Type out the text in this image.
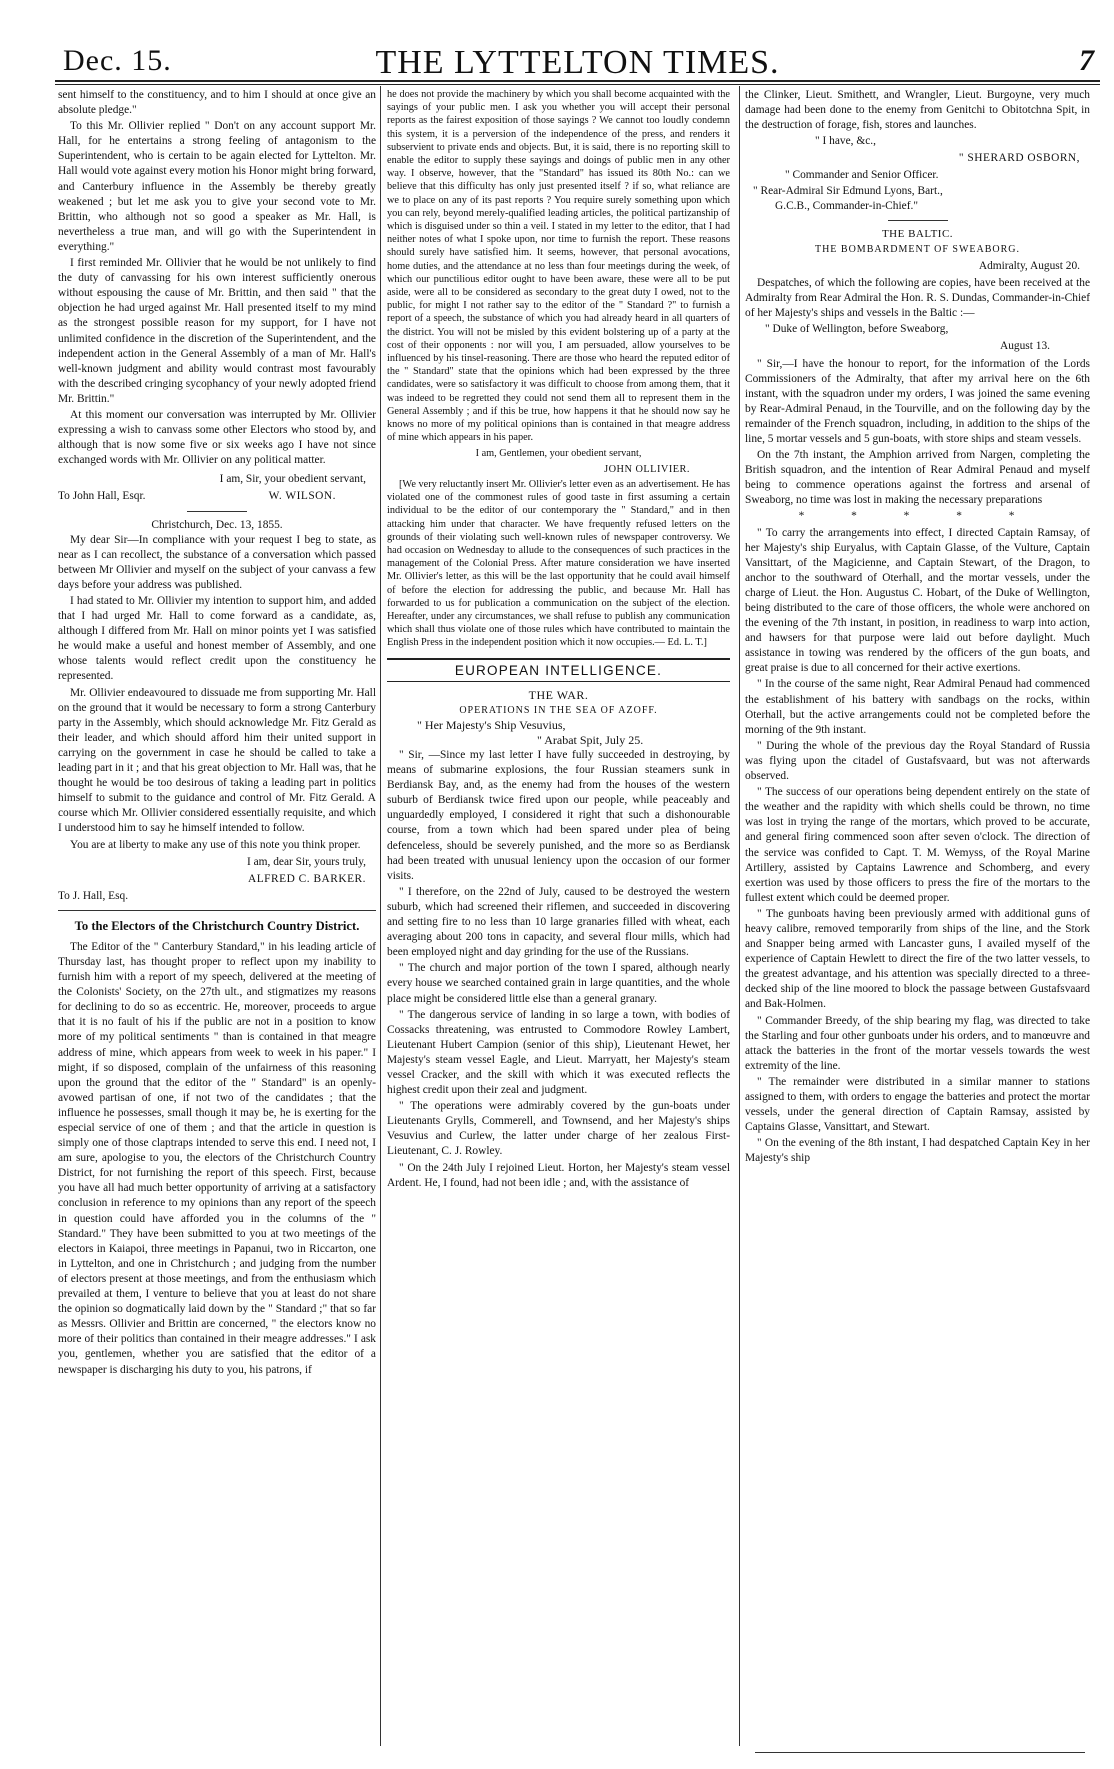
Dec. 15.	THE LYTTELTON TIMES.	7

sent himself to the constituency, and to him I should at once give an absolute pledge."

To this Mr. Ollivier replied " Don't on any account support Mr. Hall, for he entertains a strong feeling of antagonism to the Superintendent, who is certain to be again elected for Lyttelton. Mr. Hall would vote against every motion his Honor might bring forward, and Canterbury influence in the Assembly be thereby greatly weakened ; but let me ask you to give your second vote to Mr. Brittin, who although not so good a speaker as Mr. Hall, is nevertheless a true man, and will go with the Superintendent in everything."

I first reminded Mr. Ollivier that he would be not unlikely to find the duty of canvassing for his own interest sufficiently onerous without espousing the cause of Mr. Brittin, and then said " that the objection he had urged against Mr. Hall presented itself to my mind as the strongest possible reason for my support, for I have not unlimited confidence in the discretion of the Superintendent, and the independent action in the General Assembly of a man of Mr. Hall's well-known judgment and ability would contrast most favourably with the described cringing sycophancy of your newly adopted friend Mr. Brittin."

At this moment our conversation was interrupted by Mr. Ollivier expressing a wish to canvass some other Electors who stood by, and although that is now some five or six weeks ago I have not since exchanged words with Mr. Ollivier on any political matter.

I am, Sir, your obedient servant,
To John Hall, Esqr.	W. WILSON.
Christchurch, Dec. 13, 1855.

My dear Sir—In compliance with your request I beg to state, as near as I can recollect, the substance of a conversation which passed between Mr Ollivier and myself on the subject of your canvass a few days before your address was published.

I had stated to Mr. Ollivier my intention to support him, and added that I had urged Mr. Hall to come forward as a candidate, as, although I differed from Mr. Hall on minor points yet I was satisfied he would make a useful and honest member of Assembly, and one whose talents would reflect credit upon the constituency he represented.

Mr. Ollivier endeavoured to dissuade me from supporting Mr. Hall on the ground that it would be necessary to form a strong Canterbury party in the Assembly, which should acknowledge Mr. Fitz Gerald as their leader, and which should afford him their united support in carrying on the government in case he should be called to take a leading part in it ; and that his great objection to Mr. Hall was, that he thought he would be too desirous of taking a leading part in politics himself to submit to the guidance and control of Mr. Fitz Gerald. A course which Mr. Ollivier considered essentially requisite, and which I understood him to say he himself intended to follow.

You are at liberty to make any use of this note you think proper.

I am, dear Sir, yours truly,
ALFRED C. BARKER.
To J. Hall, Esq.
To the Electors of the Christchurch Country District.

The Editor of the " Canterbury Standard," in his leading article of Thursday last, has thought proper to reflect upon my inability to furnish him with a report of my speech, delivered at the meeting of the Colonists' Society, on the 27th ult., and stigmatizes my reasons for declining to do so as eccentric. He, moreover, proceeds to argue that it is no fault of his if the public are not in a position to know more of my political sentiments " than is contained in that meagre address of mine, which appears from week to week in his paper." I might, if so disposed, complain of the unfairness of this reasoning upon the ground that the editor of the " Standard" is an openly-avowed partisan of one, if not two of the candidates ; that the influence he possesses, small though it may be, he is exerting for the especial service of one of them ; and that the article in question is simply one of those claptraps intended to serve this end. I need not, I am sure, apologise to you, the electors of the Christchurch Country District, for not furnishing the report of this speech. First, because you have all had much better opportunity of arriving at a satisfactory conclusion in reference to my opinions than any report of the speech in question could have afforded you in the columns of the " Standard." They have been submitted to you at two meetings of the electors in Kaiapoi, three meetings in Papanui, two in Riccarton, one in Lyttelton, and one in Christchurch ; and judging from the number of electors present at those meetings, and from the enthusiasm which prevailed at them, I venture to believe that you at least do not share the opinion so dogmatically laid down by the " Standard ;" that so far as Messrs. Ollivier and Brittin are concerned, " the electors know no more of their politics than contained in their meagre addresses." I ask you, gentlemen, whether you are satisfied that the editor of a newspaper is discharging his duty to you, his patrons, if

he does not provide the machinery by which you shall become acquainted with the sayings of your public men. I ask you whether you will accept their personal reports as the fairest exposition of those sayings ? We cannot too loudly condemn this system, it is a perversion of the independence of the press, and renders it subservient to private ends and objects. But, it is said, there is no reporting skill to enable the editor to supply these sayings and doings of public men in any other way. I observe, however, that the "Standard" has issued its 80th No.: can we believe that this difficulty has only just presented itself ? if so, what reliance are we to place on any of its past reports ? You require surely something upon which you can rely, beyond merely-qualified leading articles, the political partizanship of which is disguised under so thin a veil. I stated in my letter to the editor, that I had neither notes of what I spoke upon, nor time to furnish the report. These reasons should surely have satisfied him. It seems, however, that personal avocations, home duties, and the attendance at no less than four meetings during the week, of which our punctilious editor ought to have been aware, these were all to be put aside, were all to be considered as secondary to the great duty I owed, not to the public, for might I not rather say to the editor of the " Standard ?" to furnish a report of a speech, the substance of which you had already heard in all quarters of the district. You will not be misled by this evident bolstering up of a party at the cost of their opponents : nor will you, I am persuaded, allow yourselves to be influenced by his tinsel-reasoning. There are those who heard the reputed editor of the " Standard" state that the opinions which had been expressed by the three candidates, were so satisfactory it was difficult to choose from among them, that it was indeed to be regretted they could not send them all to represent them in the General Assembly ; and if this be true, how happens it that he should now say he knows no more of my political opinions than is contained in that meagre address of mine which appears in his paper.

I am, Gentlemen, your obedient servant,
JOHN OLLIVIER.

[We very reluctantly insert Mr. Ollivier's letter even as an advertisement. He has violated one of the commonest rules of good taste in first assuming a certain individual to be the editor of our contemporary the " Standard," and in then attacking him under that character. We have frequently refused letters on the grounds of their violating such well-known rules of newspaper controversy. We had occasion on Wednesday to allude to the consequences of such practices in the management of the Colonial Press. After mature consideration we have inserted Mr. Ollivier's letter, as this will be the last opportunity that he could avail himself of before the election for addressing the public, and because Mr. Hall has forwarded to us for publication a communication on the subject of the election. Hereafter, under any circumstances, we shall refuse to publish any communication which shall thus violate one of those rules which have contributed to maintain the English Press in the independent position which it now occupies.— Ed. L. T.]

EUROPEAN INTELLIGENCE.
THE WAR.
OPERATIONS IN THE SEA OF AZOFF.
" Her Majesty's Ship Vesuvius,
" Arabat Spit, July 25.

" Sir, —Since my last letter I have fully succeeded in destroying, by means of submarine explosions, the four Russian steamers sunk in Berdiansk Bay, and, as the enemy had from the houses of the western suburb of Berdiansk twice fired upon our people, while peaceably and unguardedly employed, I considered it right that such a dishonourable course, from a town which had been spared under plea of being defenceless, should be severely punished, and the more so as Berdiansk had been treated with unusual leniency upon the occasion of our former visits.

" I therefore, on the 22nd of July, caused to be destroyed the western suburb, which had screened their riflemen, and succeeded in discovering and setting fire to no less than 10 large granaries filled with wheat, each averaging about 200 tons in capacity, and several flour mills, which had been employed night and day grinding for the use of the Russians.

" The church and major portion of the town I spared, although nearly every house we searched contained grain in large quantities, and the whole place might be considered little else than a general granary.

" The dangerous service of landing in so large a town, with bodies of Cossacks threatening, was entrusted to Commodore Rowley Lambert, Lieutenant Hubert Campion (senior of this ship), Lieutenant Hewet, her Majesty's steam vessel Eagle, and Lieut. Marryatt, her Majesty's steam vessel Cracker, and the skill with which it was executed reflects the highest credit upon their zeal and judgment.

" The operations were admirably covered by the gun-boats under Lieutenants Grylls, Commerell, and Townsend, and her Majesty's ships Vesuvius and Curlew, the latter under charge of her zealous First-Lieutenant, C. J. Rowley.

" On the 24th July I rejoined Lieut. Horton, her Majesty's steam vessel Ardent. He, I found, had not been idle ; and, with the assistance of

the Clinker, Lieut. Smithett, and Wrangler, Lieut. Burgoyne, very much damage had been done to the enemy from Genitchi to Obitotchna Spit, in the destruction of forage, fish, stores and launches.

" I have, &c.,
" SHERARD OSBORN,
" Commander and Senior Officer.
" Rear-Admiral Sir Edmund Lyons, Bart.,
G.C.B., Commander-in-Chief."
THE BALTIC.
THE BOMBARDMENT OF SWEABORG.
Admiralty, August 20.

Despatches, of which the following are copies, have been received at the Admiralty from Rear Admiral the Hon. R. S. Dundas, Commander-in-Chief of her Majesty's ships and vessels in the Baltic :—

" Duke of Wellington, before Sweaborg,
August 13.

" Sir,—I have the honour to report, for the information of the Lords Commissioners of the Admiralty, that after my arrival here on the 6th instant, with the squadron under my orders, I was joined the same evening by Rear-Admiral Penaud, in the Tourville, and on the following day by the remainder of the French squadron, including, in addition to the ships of the line, 5 mortar vessels and 5 gun-boats, with store ships and steam vessels.

On the 7th instant, the Amphion arrived from Nargen, completing the British squadron, and the intention of Rear Admiral Penaud and myself being to commence operations against the fortress and arsenal of Sweaborg, no time was lost in making the necessary preparations

* * * * *

" To carry the arrangements into effect, I directed Captain Ramsay, of her Majesty's ship Euryalus, with Captain Glasse, of the Vulture, Captain Vansittart, of the Magicienne, and Captain Stewart, of the Dragon, to anchor to the southward of Oterhall, and the mortar vessels, under the charge of Lieut. the Hon. Augustus C. Hobart, of the Duke of Wellington, being distributed to the care of those officers, the whole were anchored on the evening of the 7th instant, in position, in readiness to warp into action, and hawsers for that purpose were laid out before daylight. Much assistance in towing was rendered by the officers of the gun boats, and great praise is due to all concerned for their active exertions.

" In the course of the same night, Rear Admiral Penaud had commenced the establishment of his battery with sandbags on the rocks, within Oterhall, but the active arrangements could not be completed before the morning of the 9th instant.

" During the whole of the previous day the Royal Standard of Russia was flying upon the citadel of Gustafsvaard, but was not afterwards observed.

" The success of our operations being dependent entirely on the state of the weather and the rapidity with which shells could be thrown, no time was lost in trying the range of the mortars, which proved to be accurate, and general firing commenced soon after seven o'clock. The direction of the service was confided to Capt. T. M. Wemyss, of the Royal Marine Artillery, assisted by Captains Lawrence and Schomberg, and every exertion was used by those officers to press the fire of the mortars to the fullest extent which could be deemed proper.

" The gunboats having been previously armed with additional guns of heavy calibre, removed temporarily from ships of the line, and the Stork and Snapper being armed with Lancaster guns, I availed myself of the experience of Captain Hewlett to direct the fire of the two latter vessels, to the greatest advantage, and his attention was specially directed to a three-decked ship of the line moored to block the passage between Gustafsvaard and Bak-Holmen.

" Commander Breedy, of the ship bearing my flag, was directed to take the Starling and four other gunboats under his orders, and to manœuvre and attack the batteries in the front of the mortar vessels towards the west extremity of the line.

" The remainder were distributed in a similar manner to stations assigned to them, with orders to engage the batteries and protect the mortar vessels, under the general direction of Captain Ramsay, assisted by Captains Glasse, Vansittart, and Stewart.

" On the evening of the 8th instant, I had despatched Captain Key in her Majesty's ship
